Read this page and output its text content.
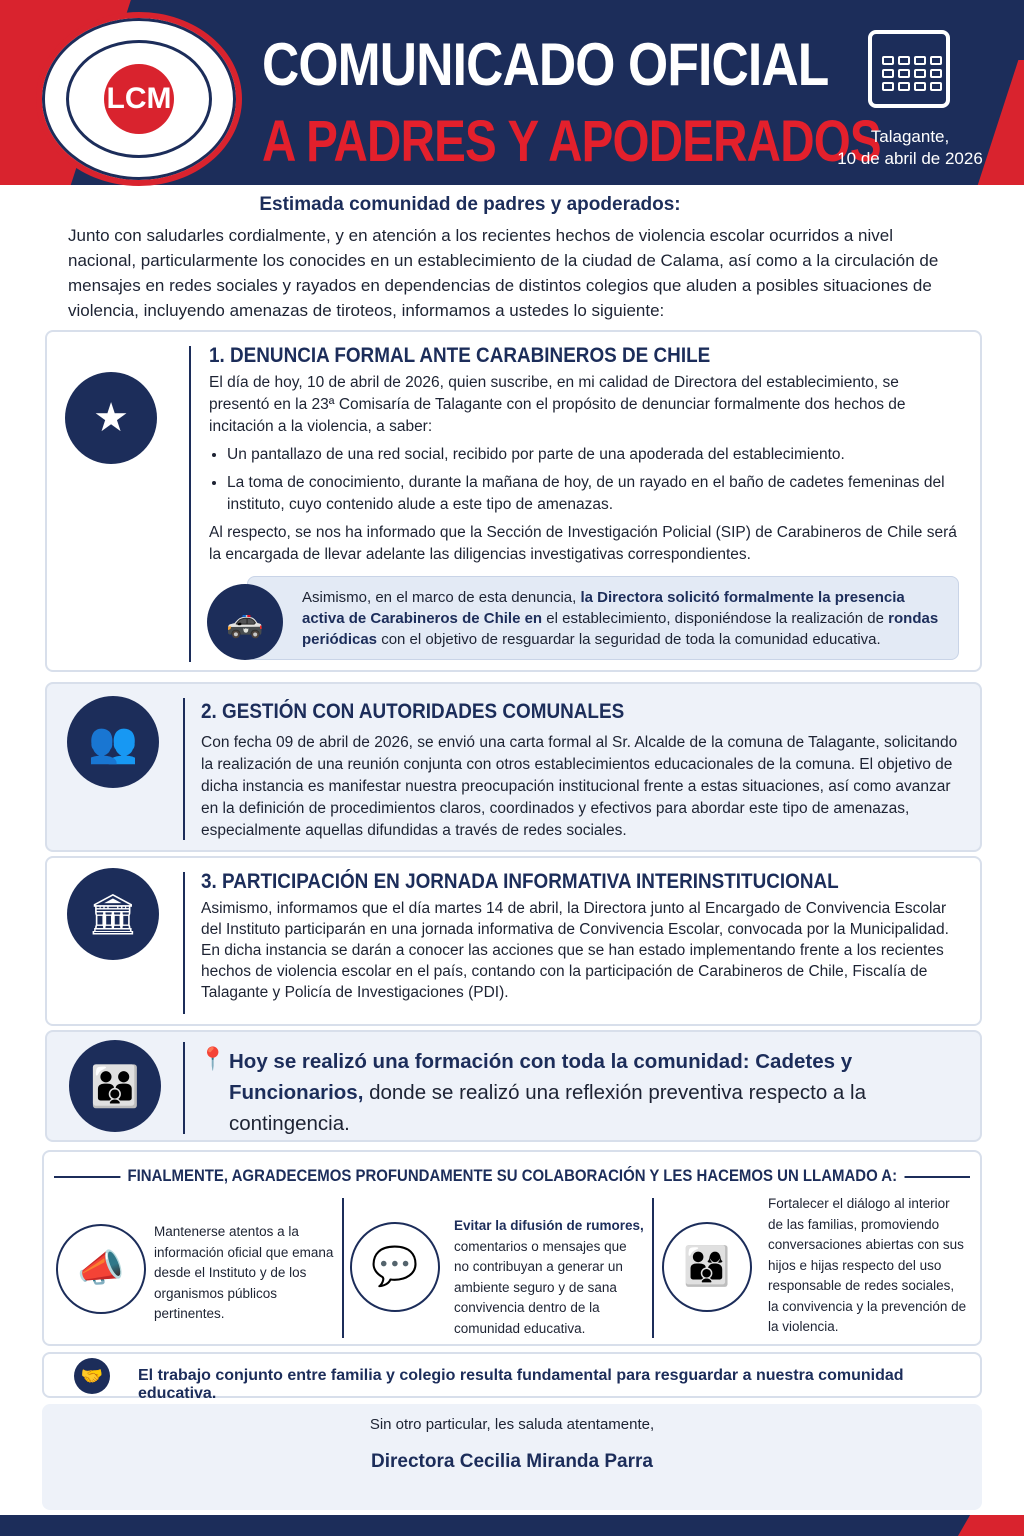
COMUNICADO OFICIAL
A PADRES Y APODERADOS
Talagante,
10 de abril de 2026
LCM
Estimada comunidad de padres y apoderados:
Junto con saludarles cordialmente, y en atención a los recientes hechos de violencia escolar ocurridos a nivel nacional, particularmente los conocides en un establecimiento de la ciudad de Calama, así como a la circulación de mensajes en redes sociales y rayados en dependencias de distintos colegios que aluden a posibles situaciones de violencia, incluyendo amenazas de tiroteos, informamos a ustedes lo siguiente:
★
1. DENUNCIA FORMAL ANTE CARABINEROS DE CHILE
El día de hoy, 10 de abril de 2026, quien suscribe, en mi calidad de Directora del establecimiento, se presentó en la 23ª Comisaría de Talagante con el propósito de denunciar formalmente dos hechos de incitación a la violencia, a saber:
• Un pantallazo de una red social, recibido por parte de una apoderada del establecimiento.
• La toma de conocimiento, durante la mañana de hoy, de un rayado en el baño de cadetes femeninas del instituto, cuyo contenido alude a este tipo de amenazas.
Al respecto, se nos ha informado que la Sección de Investigación Policial (SIP) de Carabineros de Chile será la encargada de llevar adelante las diligencias investigativas correspondientes.
Asimismo, en el marco de esta denuncia, la Directora solicitó formalmente la presencia activa de Carabineros de Chile en el establecimiento, disponiéndose la realización de rondas periódicas con el objetivo de resguardar la seguridad de toda la comunidad educativa.
🚓
👥
2. GESTIÓN CON AUTORIDADES COMUNALES
Con fecha 09 de abril de 2026, se envió una carta formal al Sr. Alcalde de la comuna de Talagante, solicitando la realización de una reunión conjunta con otros establecimientos educacionales de la comuna. El objetivo de dicha instancia es manifestar nuestra preocupación institucional frente a estas situaciones, así como avanzar en la definición de procedimientos claros, coordinados y efectivos para abordar este tipo de amenazas, especialmente aquellas difundidas a través de redes sociales.
🏛
3. PARTICIPACIÓN EN JORNADA INFORMATIVA INTERINSTITUCIONAL
Asimismo, informamos que el día martes 14 de abril, la Directora junto al Encargado de Convivencia Escolar del Instituto participarán en una jornada informativa de Convivencia Escolar, convocada por la Municipalidad.
En dicha instancia se darán a conocer las acciones que se han estado implementando frente a los recientes hechos de violencia escolar en el país, contando con la participación de Carabineros de Chile, Fiscalía de Talagante y Policía de Investigaciones (PDI).
👪
📍 Hoy se realizó una formación con toda la comunidad: Cadetes y Funcionarios, donde se realizó una reflexión preventiva respecto a la contingencia.
FINALMENTE, AGRADECEMOS PROFUNDAMENTE SU COLABORACIÓN Y LES HACEMOS UN LLAMADO A:
📣
Mantenerse atentos a la información oficial que emana desde el Instituto y de los organismos públicos pertinentes.
💬
Evitar la difusión de rumores, comentarios o mensajes que no contribuyan a generar un ambiente seguro y de sana convivencia dentro de la comunidad educativa.
👨‍👩‍👦
Fortalecer el diálogo al interior de las familias, promoviendo conversaciones abiertas con sus hijos e hijas respecto del uso responsable de redes sociales, la convivencia y la prevención de la violencia.
🤝	El trabajo conjunto entre familia y colegio resulta fundamental para resguardar a nuestra comunidad educativa.
Sin otro particular, les saluda atentamente,
Directora Cecilia Miranda Parra
